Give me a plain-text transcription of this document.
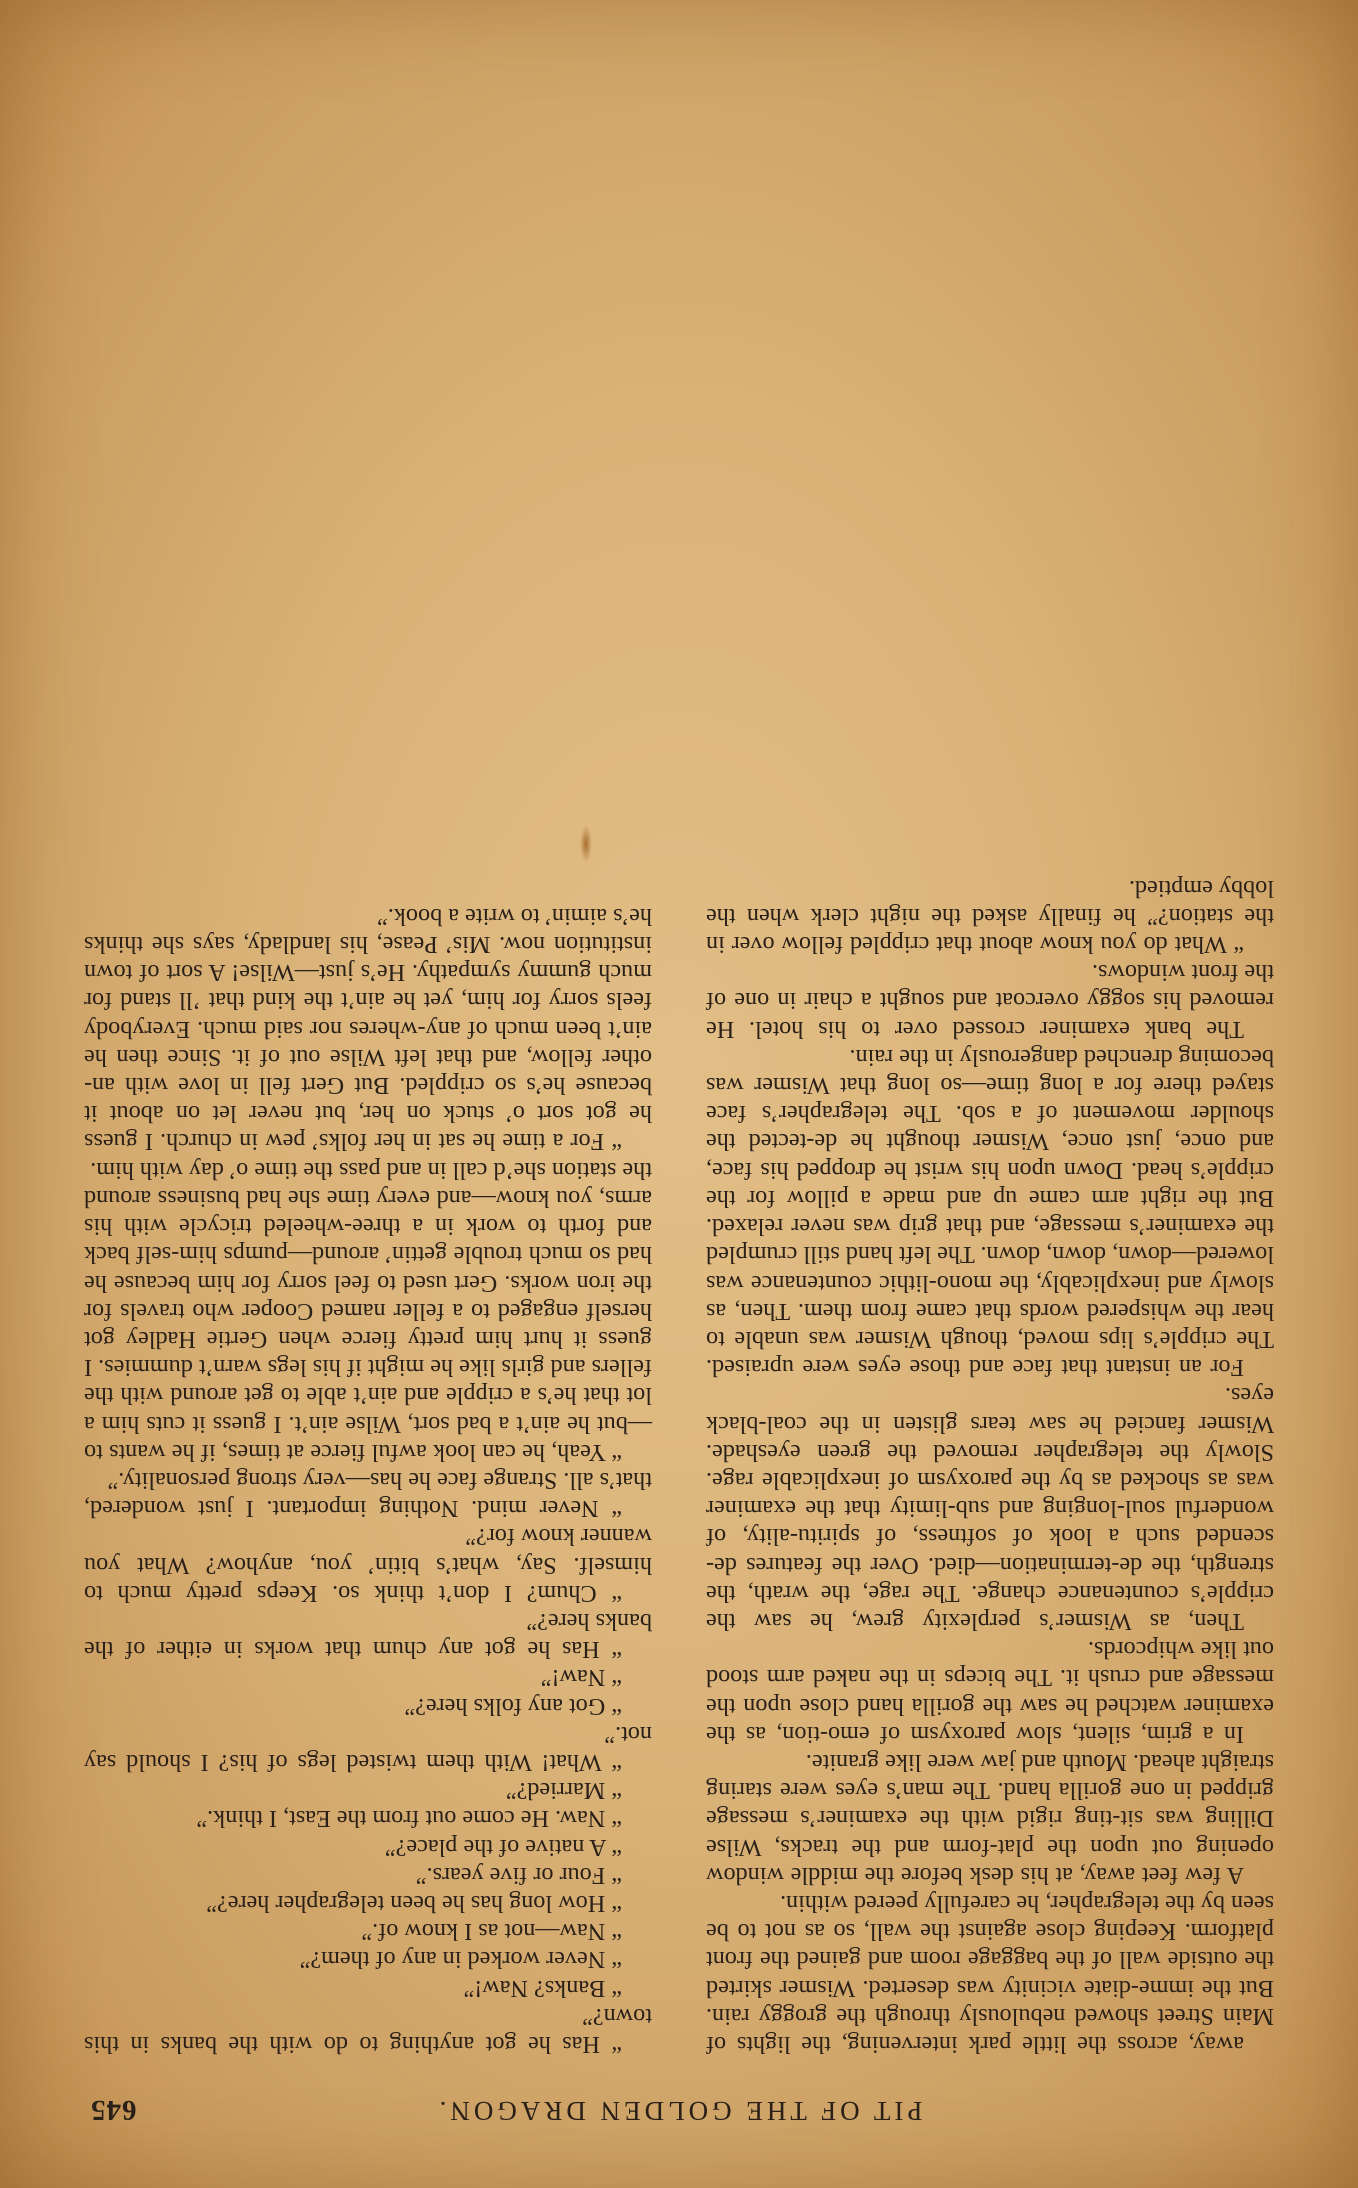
PIT OF THE GOLDEN DRAGON.
645

away, across the little park intervening, the lights of Main Street showed nebulously through the groggy rain. But the imme-diate vicinity was deserted. Wismer skirted the outside wall of the baggage room and gained the front platform. Keeping close against the wall, so as not to be seen by the telegrapher, he carefully peered within.

A few feet away, at his desk before the middle window opening out upon the plat-form and the tracks, Wilse Dilling was sit-ting rigid with the examiner’s message gripped in one gorilla hand. The man’s eyes were staring straight ahead. Mouth and jaw were like granite.

In a grim, silent, slow paroxysm of emo-tion, as the examiner watched he saw the gorilla hand close upon the message and crush it. The biceps in the naked arm stood out like whipcords.

Then, as Wismer’s perplexity grew, he saw the cripple’s countenance change. The rage, the wrath, the strength, the de-termination—died. Over the features de-scended such a look of softness, of spiritu-ality, of wonderful soul-longing and sub-limity that the examiner was as shocked as by the paroxysm of inexplicable rage. Slowly the telegrapher removed the green eyeshade. Wismer fancied he saw tears glisten in the coal-black eyes.

For an instant that face and those eyes were upraised. The cripple’s lips moved, though Wismer was unable to hear the whispered words that came from them. Then, as slowly and inexplicably, the mono-lithic countenance was lowered—down, down, down. The left hand still crumpled the examiner’s message, and that grip was never relaxed. But the right arm came up and made a pillow for the cripple’s head. Down upon his wrist he dropped his face, and once, just once, Wismer thought he de-tected the shoulder movement of a sob. The telegrapher’s face stayed there for a long time—so long that Wismer was becoming drenched dangerously in the rain.

The bank examiner crossed over to his hotel. He removed his soggy overcoat and sought a chair in one of the front windows.

“ What do you know about that crippled fellow over in the station?” he finally asked the night clerk when the lobby emptied.

“ Has he got anything to do with the banks in this town?”

“ Banks? Naw!”

“ Never worked in any of them?”

“ Naw—not as I know of.”

“ How long has he been telegrapher here?”

“ Four or five years.”

“ A native of the place?”

“ Naw. He come out from the East, I think.”

“ Married?”

“ What! With them twisted legs of his? I should say not.”

“ Got any folks here?”

“ Naw!”

“ Has he got any chum that works in either of the banks here?”

“ Chum? I don’t think so. Keeps pretty much to himself. Say, what’s bitin’ you, anyhow? What you wanner know for?”

“ Never mind. Nothing important. I just wondered, that’s all. Strange face he has—very strong personality.”

“ Yeah, he can look awful fierce at times, if he wants to—but he ain’t a bad sort, Wilse ain’t. I guess it cuts him a lot that he’s a cripple and ain’t able to get around with the fellers and girls like he might if his legs warn’t dummies. I guess it hurt him pretty fierce when Gertie Hadley got herself engaged to a feller named Cooper who travels for the iron works. Gert used to feel sorry for him because he had so much trouble gettin’ around—pumps him-self back and forth to work in a three-wheeled tricycle with his arms, you know—and every time she had business around the station she’d call in and pass the time o’ day with him.

“ For a time he sat in her folks’ pew in church. I guess he got sort o’ stuck on her, but never let on about it because he’s so crippled. But Gert fell in love with an-other fellow, and that left Wilse out of it. Since then he ain’t been much of any-wheres nor said much. Everybody feels sorry for him, yet he ain’t the kind that ’ll stand for much gummy sympathy. He’s just—Wilse! A sort of town institution now. Mis’ Pease, his landlady, says she thinks he’s aimin’ to write a book.”
